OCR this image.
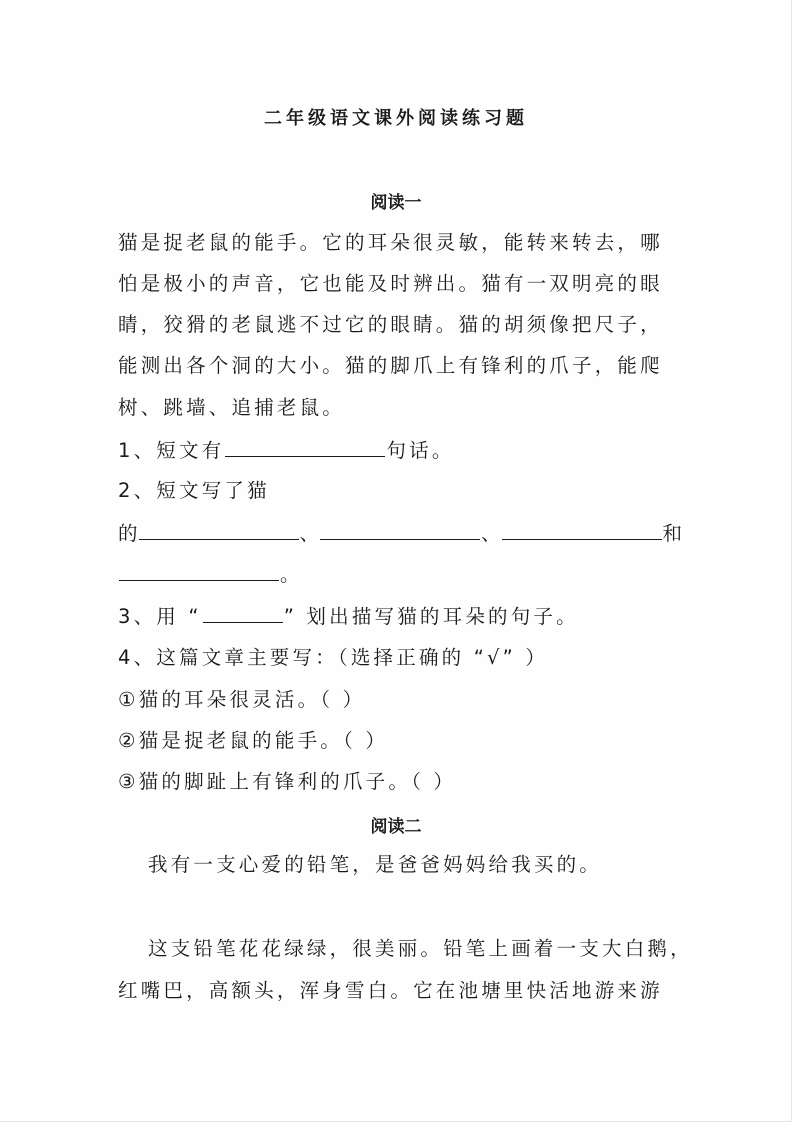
二年级语文课外阅读练习题
阅读一
猫是捉老鼠的能手。它的耳朵很灵敏，能转来转去，哪
怕是极小的声音，它也能及时辨出。猫有一双明亮的眼
睛，狡猾的老鼠逃不过它的眼睛。猫的胡须像把尺子，
能测出各个洞的大小。猫的脚爪上有锋利的爪子，能爬
树、跳墙、追捕老鼠。
1、短文有	句话。
2、短文写了猫
的	、	、	和
。
3、用 “	” 划出描写猫的耳朵的句子。
4、这篇文章主要写：（选择正确的 “√” ）
①猫的耳朵很灵活。（ ）
②猫是捉老鼠的能手。（ ）
③猫的脚趾上有锋利的爪子。（ ）
阅读二
我有一支心爱的铅笔，是爸爸妈妈给我买的。
这支铅笔花花绿绿，很美丽。铅笔上画着一支大白鹅，
红嘴巴，高额头，浑身雪白。它在池塘里快活地游来游
